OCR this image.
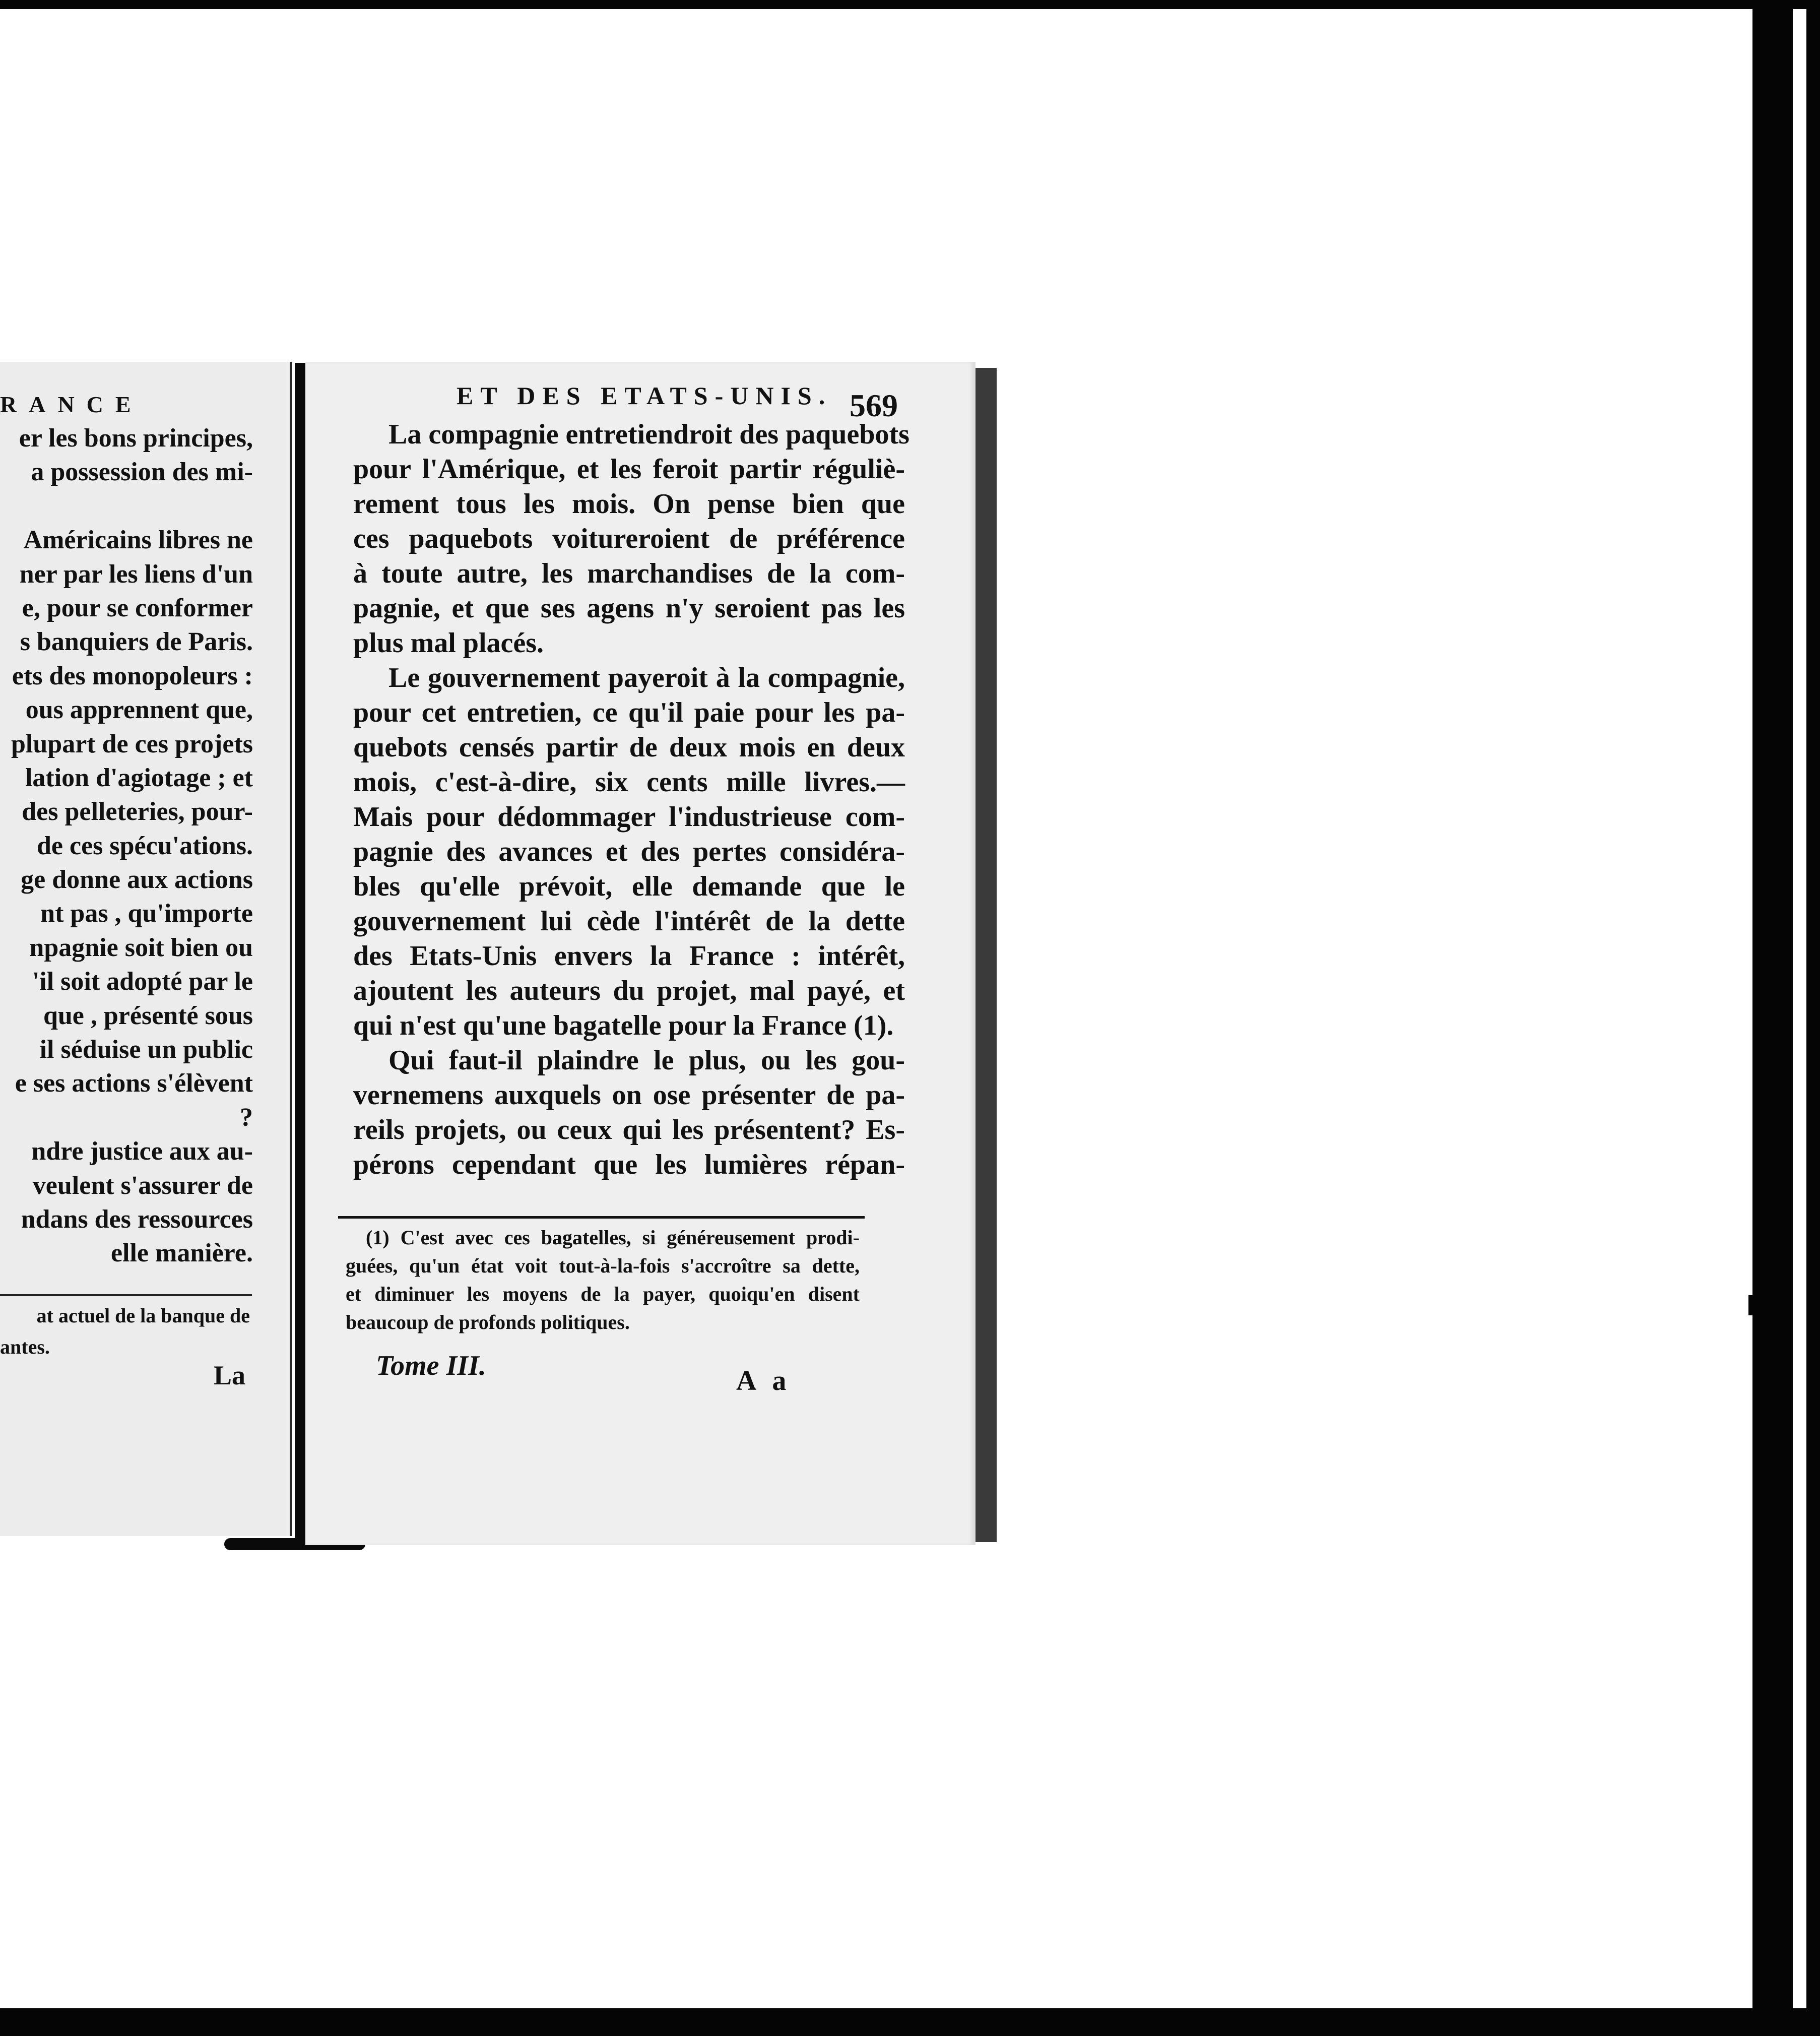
RANCE
er les bons principes,
a possession des mi-
Américains libres ne
ner par les liens d'un
e, pour se conformer
s banquiers de Paris.
ets des monopoleurs :
ous apprennent que,
plupart de ces projets
lation d'agiotage ; et
des pelleteries, pour-
de ces spécu'ations.
ge donne aux actions
nt pas , qu'importe
npagnie soit bien ou
'il soit adopté par le
que , présenté sous
il séduise un public
e ses actions s'élèvent
?
ndre justice aux au-
veulent s'assurer de
ndans des ressources
elle manière.
at actuel de la banque de
antes.
La
ET DES ETATS-UNIS. 569
La compagnie entretiendroit des paquebots
pour l'Amérique, et les feroit partir réguliè-
rement tous les mois. On pense bien que
ces paquebots voitureroient de préférence
à toute autre, les marchandises de la com-
pagnie, et que ses agens n'y seroient pas les
plus mal placés.
Le gouvernement payeroit à la compagnie,
pour cet entretien, ce qu'il paie pour les pa-
quebots censés partir de deux mois en deux
mois, c'est-à-dire, six cents mille livres.—
Mais pour dédommager l'industrieuse com-
pagnie des avances et des pertes considéra-
bles qu'elle prévoit, elle demande que le
gouvernement lui cède l'intérêt de la dette
des Etats-Unis envers la France : intérêt,
ajoutent les auteurs du projet, mal payé, et
qui n'est qu'une bagatelle pour la France (1).
Qui faut-il plaindre le plus, ou les gou-
vernemens auxquels on ose présenter de pa-
reils projets, ou ceux qui les présentent? Es-
pérons cependant que les lumières répan-
(1) C'est avec ces bagatelles, si généreusement prodi-
guées, qu'un état voit tout-à-la-fois s'accroître sa dette,
et diminuer les moyens de la payer, quoiqu'en disent
beaucoup de profonds politiques.
Tome III.	A a
